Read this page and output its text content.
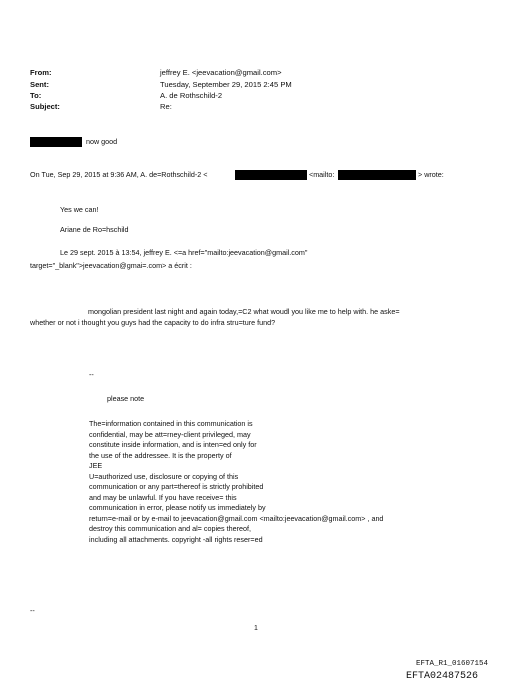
From:	jeffrey E. <jeevacation@gmail.com>
Sent:	Tuesday, September 29, 2015 2:45 PM
To:	A. de Rothschild-2
Subject:	Re:
now good
On Tue, Sep 29, 2015 at 9:36 AM, A. de=Rothschild-2 <	<mailto:	> wrote:
Yes we can!
Ariane de Ro=hschild
Le 29 sept. 2015 à 13:54, jeffrey E. <=a href="mailto:jeevacation@gmail.com"
target="_blank">jeevacation@gmai=.com> a écrit :
mongolian president last night and again today,=C2 what woudl you like me to help with. he aske=
whether or not i thought you guys had the capacity to do infra stru=ture fund?
--
please note
The=information contained in this communication is
confidential, may be att=rney-client privileged, may
constitute inside information, and is inten=ed only for
the use of the addressee. It is the property of
JEE
U=authorized use, disclosure or copying of this
communication or any part=thereof is strictly prohibited
and may be unlawful. If you have receive= this
communication in error, please notify us immediately by
return=e-mail or by e-mail to jeevacation@gmail.com <mailto:jeevacation@gmail.com> , and
destroy this communication and al= copies thereof,
including all attachments. copyright -all rights reser=ed
--
1
EFTA_R1_01607154
EFTA02487526
